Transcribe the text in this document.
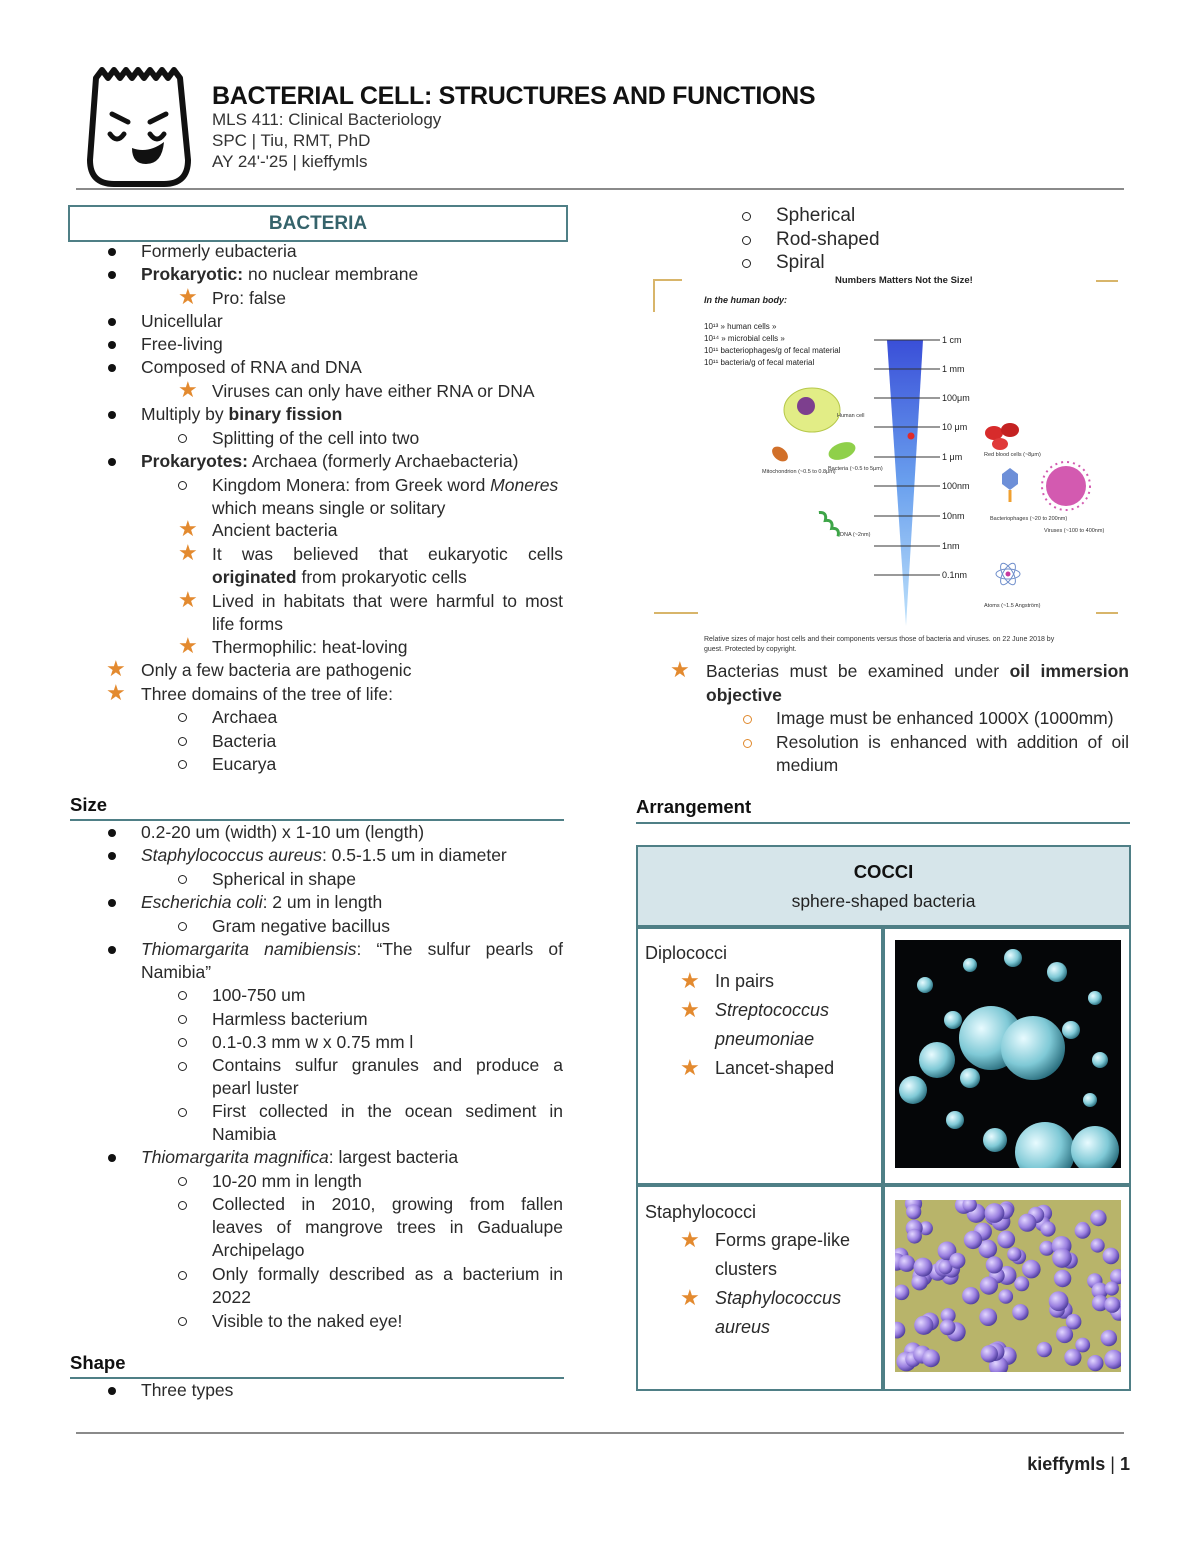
BACTERIAL CELL: STRUCTURES AND FUNCTIONS
MLS 411: Clinical Bacteriology
SPC | Tiu, RMT, PhD
AY 24'-'25 | kieffymls
BACTERIA
Formerly eubacteria
Prokaryotic: no nuclear membrane
★ Pro: false
Unicellular
Free-living
Composed of RNA and DNA
★ Viruses can only have either RNA or DNA
Multiply by binary fission
Splitting of the cell into two
Prokaryotes: Archaea (formerly Archaebacteria)
Kingdom Monera: from Greek word Moneres
which means single or solitary
★ Ancient bacteria
★ It was believed that eukaryotic cells
originated from prokaryotic cells
★ Lived in habitats that were harmful to most
life forms
★ Thermophilic: heat-loving
★ Only a few bacteria are pathogenic
★ Three domains of the tree of life:
Archaea
Bacteria
Eucarya
Size
0.2-20 um (width) x 1-10 um (length)
Staphylococcus aureus: 0.5-1.5 um in diameter
Spherical in shape
Escherichia coli: 2 um in length
Gram negative bacillus
Thiomargarita namibiensis: “The sulfur pearls of
Namibia”
100-750 um
Harmless bacterium
0.1-0.3 mm w x 0.75 mm l
Contains sulfur granules and produce a
pearl luster
First collected in the ocean sediment in
Namibia
Thiomargarita magnifica: largest bacteria
10-20 mm in length
Collected in 2010, growing from fallen
leaves of mangrove trees in Gadualupe
Archipelago
Only formally described as a bacterium in
2022
Visible to the naked eye!
Shape
Three types
Spherical
Rod-shaped
Spiral
Numbers Matters Not the Size!
In the human body:
10¹³ » human cells »
10¹⁴ » microbial cells »
10¹¹ bacteriophages/g of fecal material
10¹¹ bacteria/g of fecal material
1 cm
1 mm
100μm
10 μm
1 μm
100nm
10nm
1nm
0.1nm
Human cell
Mitochondrion (~0.5 to 0.8μm)
Bacteria (~0.5 to 5μm)
DNA (~2nm)
Red blood cells (~8μm)
Bacteriophages (~20 to 200nm)
Viruses (~100 to 400nm)
Atoms (~1.5 Angström)
Relative sizes of major host cells and their components versus those of bacteria and viruses. on 22 June 2018 by
guest. Protected by copyright.
★ Bacterias must be examined under oil immersion
objective
Image must be enhanced 1000X (1000mm)
Resolution is enhanced with addition of oil
medium
Arrangement
COCCI
sphere-shaped bacteria
Diplococci
★ In pairs
★ Streptococcus
pneumoniae
★ Lancet-shaped
Staphylococci
★ Forms grape-like
clusters
★ Staphylococcus
aureus
kieffymls | 1
